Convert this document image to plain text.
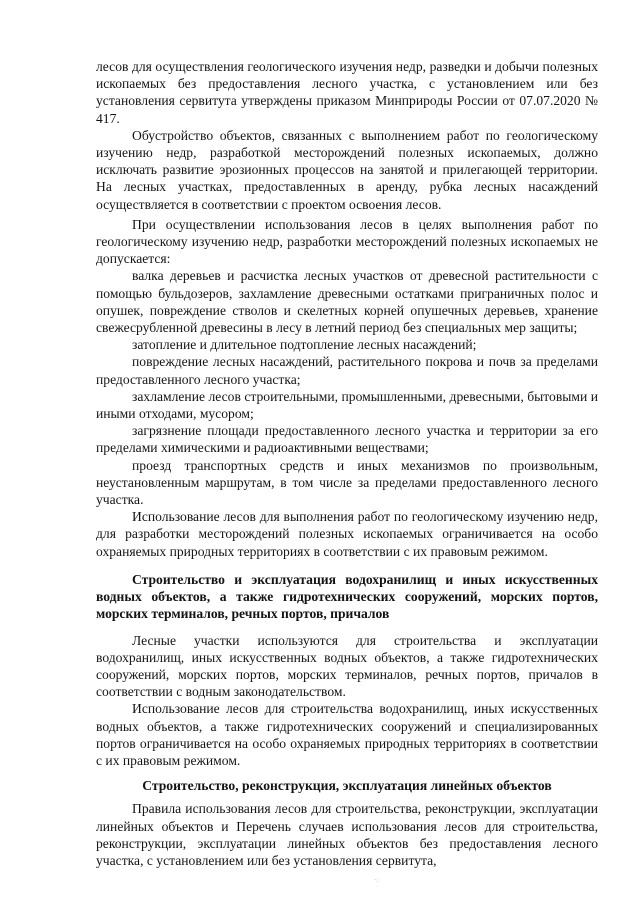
лесов для осуществления геологического изучения недр, разведки и добычи полезных ископаемых без предоставления лесного участка, с установлением или без установления сервитута утверждены приказом Минприроды России от 07.07.2020 № 417.

Обустройство объектов, связанных с выполнением работ по геологическому изучению недр, разработкой месторождений полезных ископаемых, должно исключать развитие эрозионных процессов на занятой и прилегающей территории. На лесных участках, предоставленных в аренду, рубка лесных насаждений осуществляется в соответствии с проектом освоения лесов.

При осуществлении использования лесов в целях выполнения работ по геологическому изучению недр, разработки месторождений полезных ископаемых не допускается:

валка деревьев и расчистка лесных участков от древесной растительности с помощью бульдозеров, захламление древесными остатками приграничных полос и опушек, повреждение стволов и скелетных корней опушечных деревьев, хранение свежесрубленной древесины в лесу в летний период без специальных мер защиты;

затопление и длительное подтопление лесных насаждений;

повреждение лесных насаждений, растительного покрова и почв за пределами предоставленного лесного участка;

захламление лесов строительными, промышленными, древесными, бытовыми и иными отходами, мусором;

загрязнение площади предоставленного лесного участка и территории за его пределами химическими и радиоактивными веществами;

проезд транспортных средств и иных механизмов по произвольным, неустановленным маршрутам, в том числе за пределами предоставленного лесного участка.

Использование лесов для выполнения работ по геологическому изучению недр, для разработки месторождений полезных ископаемых ограничивается на особо охраняемых природных территориях в соответствии с их правовым режимом.

Строительство и эксплуатация водохранилищ и иных искусственных водных объектов, а также гидротехнических сооружений, морских портов, морских терминалов, речных портов, причалов

Лесные участки используются для строительства и эксплуатации водохранилищ, иных искусственных водных объектов, а также гидротехнических сооружений, морских портов, морских терминалов, речных портов, причалов в соответствии с водным законодательством.

Использование лесов для строительства водохранилищ, иных искусственных водных объектов, а также гидротехнических сооружений и специализированных портов ограничивается на особо охраняемых природных территориях в соответствии с их правовым режимом.

Строительство, реконструкция, эксплуатация линейных объектов

Правила использования лесов для строительства, реконструкции, эксплуатации линейных объектов и Перечень случаев использования лесов для строительства, реконструкции, эксплуатации линейных объектов без предоставления лесного участка, с установлением или без установления сервитута,

·:
